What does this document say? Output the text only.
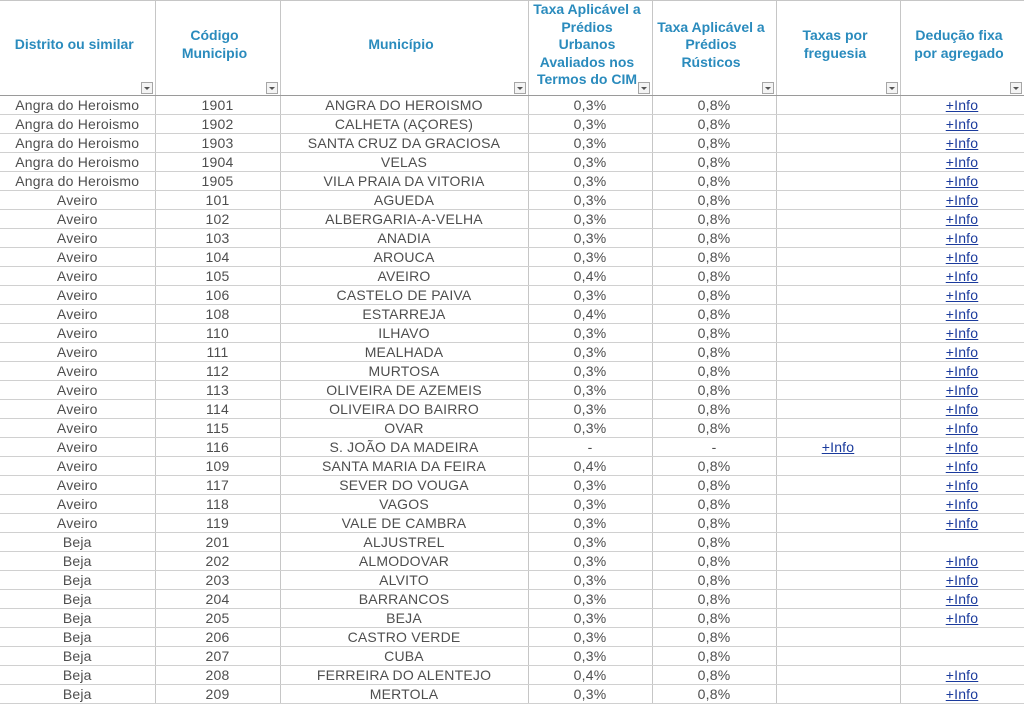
Distrito ou similar	Código Municipio	Município	Taxa Aplicável a Prédios Urbanos Avaliados nos Termos do CIM	Taxa Aplicável a Prédios Rústicos	Taxas por freguesia	Dedução fixa por agregado

Angra do Heroismo	1901	ANGRA DO HEROISMO	0,3%	0,8%		+Info
Angra do Heroismo	1902	CALHETA (AÇORES)	0,3%	0,8%		+Info
Angra do Heroismo	1903	SANTA CRUZ DA GRACIOSA	0,3%	0,8%		+Info
Angra do Heroismo	1904	VELAS	0,3%	0,8%		+Info
Angra do Heroismo	1905	VILA PRAIA DA VITORIA	0,3%	0,8%		+Info
Aveiro	101	AGUEDA	0,3%	0,8%		+Info
Aveiro	102	ALBERGARIA-A-VELHA	0,3%	0,8%		+Info
Aveiro	103	ANADIA	0,3%	0,8%		+Info
Aveiro	104	AROUCA	0,3%	0,8%		+Info
Aveiro	105	AVEIRO	0,4%	0,8%		+Info
Aveiro	106	CASTELO DE PAIVA	0,3%	0,8%		+Info
Aveiro	108	ESTARREJA	0,4%	0,8%		+Info
Aveiro	110	ILHAVO	0,3%	0,8%		+Info
Aveiro	111	MEALHADA	0,3%	0,8%		+Info
Aveiro	112	MURTOSA	0,3%	0,8%		+Info
Aveiro	113	OLIVEIRA DE AZEMEIS	0,3%	0,8%		+Info
Aveiro	114	OLIVEIRA DO BAIRRO	0,3%	0,8%		+Info
Aveiro	115	OVAR	0,3%	0,8%		+Info
Aveiro	116	S. JOÃO DA MADEIRA	-	-	+Info	+Info
Aveiro	109	SANTA MARIA DA FEIRA	0,4%	0,8%		+Info
Aveiro	117	SEVER DO VOUGA	0,3%	0,8%		+Info
Aveiro	118	VAGOS	0,3%	0,8%		+Info
Aveiro	119	VALE DE CAMBRA	0,3%	0,8%		+Info
Beja	201	ALJUSTREL	0,3%	0,8%		
Beja	202	ALMODOVAR	0,3%	0,8%		+Info
Beja	203	ALVITO	0,3%	0,8%		+Info
Beja	204	BARRANCOS	0,3%	0,8%		+Info
Beja	205	BEJA	0,3%	0,8%		+Info
Beja	206	CASTRO VERDE	0,3%	0,8%		
Beja	207	CUBA	0,3%	0,8%		
Beja	208	FERREIRA DO ALENTEJO	0,4%	0,8%		+Info
Beja	209	MERTOLA	0,3%	0,8%		+Info
